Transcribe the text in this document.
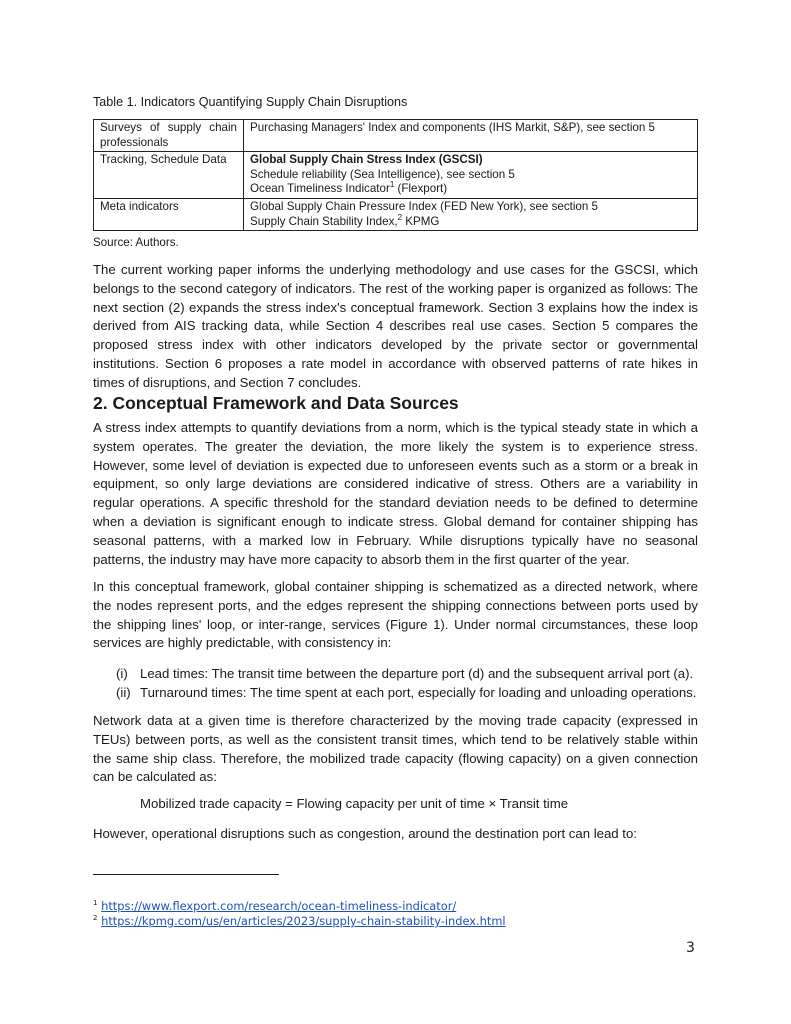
Table 1. Indicators Quantifying Supply Chain Disruptions
Surveys of supply chain
professionals	Purchasing Managers' Index and components (IHS Markit, S&P), see section 5

Tracking, Schedule Data	Global Supply Chain Stress Index (GSCSI)
Schedule reliability (Sea Intelligence), see section 5
Ocean Timeliness Indicator$^1$ (Flexport)

Meta indicators	Global Supply Chain Pressure Index (FED New York), see section 5
Supply Chain Stability Index,$^2$ KPMG
Source: Authors.

The current working paper informs the underlying methodology and use cases for the GSCSI, which belongs to the second category of indicators. The rest of the working paper is organized as follows: The next section (2) expands the stress index's conceptual framework. Section 3 explains how the index is derived from AIS tracking data, while Section 4 describes real use cases. Section 5 compares the proposed stress index with other indicators developed by the private sector or governmental institutions. Section 6 proposes a rate model in accordance with observed patterns of rate hikes in times of disruptions, and Section 7 concludes.

2. Conceptual Framework and Data Sources

A stress index attempts to quantify deviations from a norm, which is the typical steady state in which a system operates. The greater the deviation, the more likely the system is to experience stress. However, some level of deviation is expected due to unforeseen events such as a storm or a break in equipment, so only large deviations are considered indicative of stress. Others are a variability in regular operations. A specific threshold for the standard deviation needs to be defined to determine when a deviation is significant enough to indicate stress. Global demand for container shipping has seasonal patterns, with a marked low in February. While disruptions typically have no seasonal patterns, the industry may have more capacity to absorb them in the first quarter of the year.

In this conceptual framework, global container shipping is schematized as a directed network, where the nodes represent ports, and the edges represent the shipping connections between ports used by the shipping lines' loop, or inter-range, services (Figure 1). Under normal circumstances, these loop services are highly predictable, with consistency in:

(i) Lead times: The transit time between the departure port (d) and the subsequent arrival port (a).
(ii) Turnaround times: The time spent at each port, especially for loading and unloading operations.

Network data at a given time is therefore characterized by the moving trade capacity (expressed in TEUs) between ports, as well as the consistent transit times, which tend to be relatively stable within the same ship class. Therefore, the mobilized trade capacity (flowing capacity) on a given connection can be calculated as:

Mobilized trade capacity = Flowing capacity per unit of time × Transit time

However, operational disruptions such as congestion, around the destination port can lead to:

$^1$ https://www.flexport.com/research/ocean-timeliness-indicator/
$^2$ https://kpmg.com/us/en/articles/2023/supply-chain-stability-index.html
3
